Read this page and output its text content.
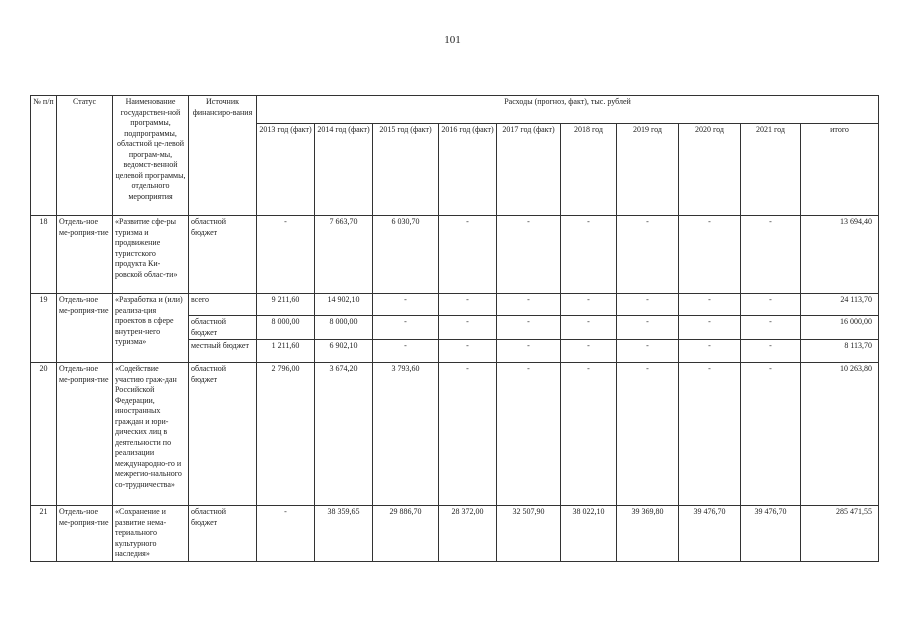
101
№ п/п	Статус	Наименование государствен-ной программы, подпрограммы, областной це-левой програм-мы, ведомст-венной целевой программы, отдельного мероприятия	Источник финансиро-вания	Расходы (прогноз, факт), тыс. рублей									
				2013 год (факт)	2014 год (факт)	2015 год (факт)	2016 год (факт)	2017 год (факт)	2018 год	2019 год	2020 год	2021 год	итого
18	Отдель-ное ме-роприя-тие	«Развитие сфе-ры туризма и продвижение туристского продукта Ки-ровской облас-ти»	областной бюджет	-	7 663,70	6 030,70	-	-	-	-	-	-	13 694,40
19	Отдель-ное ме-роприя-тие	«Разработка и (или) реализа-ция проектов в сфере внутрен-него туризма»	всего	9 211,60	14 902,10	-	-	-	-	-	-	-	24 113,70
			областной бюджет	8 000,00	8 000,00	-	-	-	-	-	-	-	16 000,00
			местный бюджет	1 211,60	6 902,10	-	-	-	-	-	-	-	8 113,70
20	Отдель-ное ме-роприя-тие	«Содействие участию граж-дан Российской Федерации, иностранных граждан и юри-дических лиц в деятельности по реализации международно-го и межрегио-нального со-трудничества»	областной бюджет	2 796,00	3 674,20	3 793,60	-	-	-	-	-	-	10 263,80
21	Отдель-ное ме-роприя-тие	«Сохранение и развитие нема-териального культурного наследия»	областной бюджет	-	38 359,65	29 886,70	28 372,00	32 507,90	38 022,10	39 369,80	39 476,70	39 476,70	285 471,55
